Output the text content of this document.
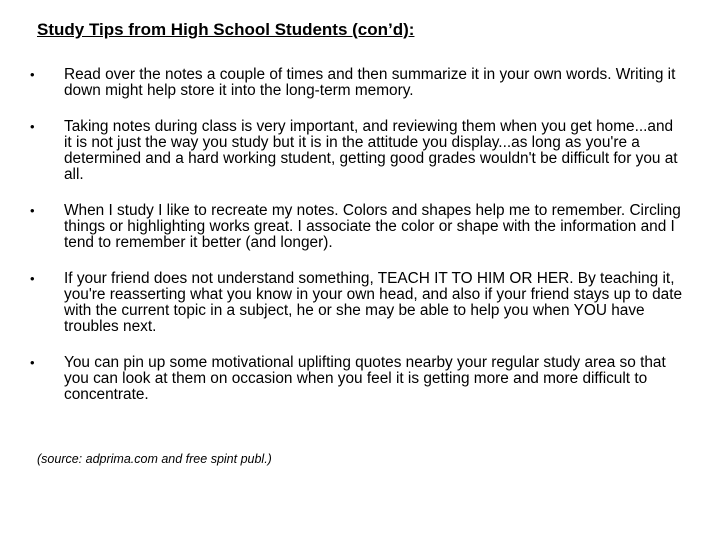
Study Tips from High School Students (con’d):
•	Read over the notes a couple of times and then summarize it in your own words. Writing it down might help store it into the long-term memory.
•	Taking notes during class is very important, and reviewing them when you get home...and it is not just the way you study but it is in the attitude you display...as long as you're a determined and a hard working student, getting good grades wouldn't be difficult for you at all.
•	When I study I like to recreate my notes. Colors and shapes help me to remember. Circling things or highlighting works great. I associate the color or shape with the information and I tend to remember it better (and longer).
•	If your friend does not understand something, TEACH IT TO HIM OR HER. By teaching it, you're reasserting what you know in your own head, and also if your friend stays up to date with the current topic in a subject, he or she may be able to help you when YOU have troubles next.
•	You can pin up some motivational uplifting quotes nearby your regular study area so that you can look at them on occasion when you feel it is getting more and more difficult to concentrate.
(source: adprima.com and free spint publ.)
